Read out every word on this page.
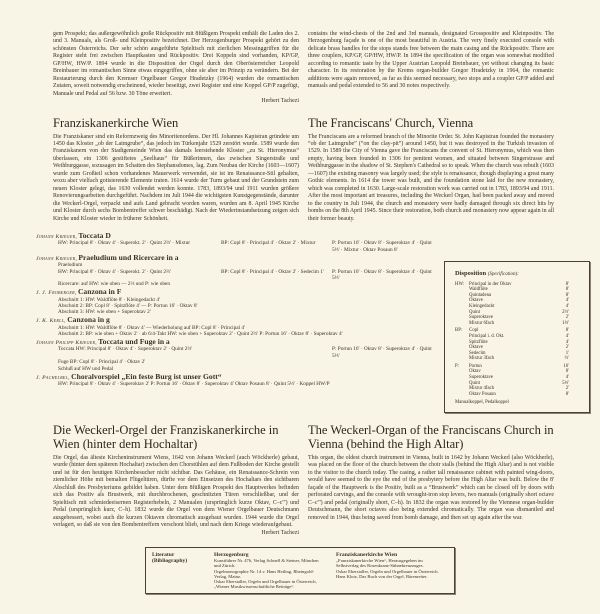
gem Prospekt; das außergewöhnlich große Rückpositiv mit 8füßigem Prospekt enthält die Laden des 2. und 3. Manuals, als Groß- und Kleinpositiv bezeichnet. Der Herzogenburger Prospekt gehört zu den schönsten Österreichs. Der sehr schön ausgeführte Spieltisch mit zierlichen Messinggriffen für die Register steht frei zwischen Hauptkasten und Rückpositiv. Drei Koppeln sind vorhanden, KP/GP, GP/HW, HW/P. 1894 wurde in die Disposition der Orgel durch den Oberösterreicher Leopold Breinbauer im romantischen Sinne etwas eingegriffen, ohne sie aber im Prinzip zu verändern. Bei der Restaurierung durch den Kremser Orgelbauer Gregor Hradetzky (1964) wurden die romantischen Zutaten, soweit notwendig erscheinend, wieder beseitigt, zwei Register und eine Koppel GP/P zugefügt, Manuale und Pedal auf 56 bzw. 30 Töne erweitert.
Herbert Tachezi

contains the wind-chests of the 2nd and 3rd manuals, designated Grosspositiv and Kleinpositiv. The Herzogenburg façade is one of the most beautiful in Austria. The very finely executed console with delicate brass handles for the stops stands free between the main casing and the Rückpositiv. There are three couplers, KP/GP, GP/HW, HW/P. In 1894 the specification of the organ was somewhat modified according to romantic taste by the Upper Austrian Leopold Breinbauer, yet without changing its basic character. In its restoration by the Krems organ-builder Gregor Hradetzky in 1964, the romantic additions were again removed, as far as this seemed necessary, two stops and a coupler GP/P added and manuals and pedal extended to 56 and 30 notes respectively.

Franziskanerkirche Wien

Die Franziskaner sind ein Reformzweig des Minoritenordens. Der Hl. Johannes Kapistran gründete um 1450 das Kloster „ob der Laimgrube“, das jedoch im Türkenjahr 1529 zerstört wurde. 1589 wurde den Franziskanern von der Stadtgemeinde Wien das damals leerstehende Kloster „zu St. Hieronymus“ überlassen, ein 1306 gestiftetes „Seelhaus“ für Büßerinnen, das zwischen Singerstraße und Weihburggasse, sozusagen im Schatten des Stephansdomes, lag. Zum Neubau der Kirche (1603—1607) wurde zum Großteil schon vorhandenes Mauerwerk verwendet, sie ist im Renaissance-Stil gehalten, wozu aber vielfach gotisierende Elemente traten. 1614 wurde der Turm gebaut und der Grundstein zum neuen Kloster gelegt, das 1630 vollendet werden konnte. 1783, 1893/94 und 1911 wurden größere Renovierungsarbeiten durchgeführt. Nachdem im Juli 1944 die wichtigsten Kunstgegenstände, darunter die Weckerl-Orgel, verpackt und aufs Land gebracht worden waren, wurden am 8. April 1945 Kirche und Kloster durch sechs Bombentreffer schwer beschädigt. Nach der Wiederinstandsetzung zeigen sich Kirche und Kloster wieder in früherer Schönheit.

The Franciscans' Church, Vienna

The Franciscans are a reformed branch of the Minorite Order. St. John Kapistran founded the monastery “ob der Laimgrube” (“on the clay-pit”) around 1450, but it was destroyed in the Turkish invasion of 1529. In 1589 the City of Vienna gave the Franciscans the convent of St. Hieronymus, which was then empty, having been founded in 1306 for penitent women, and situated between Singerstrasse and Weihburggasse in the shadow of St. Stephen's Cathedral so to speak. When the church was rebuilt (1603—1607) the existing masonry was largely used; the style is renaissance, though displaying a great many Gothic elements. In 1614 the tower was built, and the foundation stone laid for the new monastery, which was completed in 1630. Large-scale restoration work was carried out in 1783, 1893/94 and 1911. After the most important art treasures, including the Weckerl Organ, had been packed away and moved to the country in Juli 1944, the church and monastery were badly damaged through six direct hits by bombs on the 8th April 1945. Since their restoration, both church and monastery now appear again in all their former beauty.

Johann Krieger, Toccata D
HW: Principal 8' · Oktav 4' · Superokt. 2' · Quint 2⅔' · Mixtur	BP: Copl 8' · Principal 4' · Oktav 2' · Mixtur	P: Portun 16' · Oktav 8' · Superoktav 4' · Quint 5⅓' · Mixtur · Oktav Posaun 8'
Johann Krieger, Praeludium und Ricercare in a
Praeludium
HW: Principal 8' · Oktav 4' · Superokt. 2' · Quint 2⅔'	BP: Copl 8' · Principal 4' · Oktav 2' · Sedecim 1'	P: Portun 16' · Oktav 8' · Superoktav 4' · Quint 5⅓'
Ricercare: auf HW: wie oben — 2⅔ und P: wie oben
J. J. Froberger, Canzona in F
Abschnitt 1: HW: Waldflöte 8' · Kleingedackt 4'
Abschnitt 2: BP: Copl 8' · Spitzflöte 4' — P: Portun 16' · Oktav 8'
Abschnitt 3: HW: wie oben + Superoktav 2'
J. K. Kerll, Canzona in g
Abschnitt 1: HW: Waldflöte 8' · Oktav 4' — Wiederholung auf BP: Copl 8' · Principal 4'
Abschnitt 2: BP: wie oben + Oktav 2' · ab 6/4-Takt HW: wie oben + Superoktav 2' · Quint 2⅔' P: Portun 16' · Oktav 8' · Superoktav 4'
Johann Philipp Krieger, Toccata und Fuge in a
Toccata HW: Principal 8' · Oktav 4' · Superoktav 2' · Quint 2⅔'	P: Portun 16' · Oktav 8' · Superoktav 4' · Quint 5⅓'
Fuge BP: Copl 8' · Principal 4' · Oktav 2'
Schluß auf HW und Pedal
J. Pachelbel, Choralvorspiel „Ein feste Burg ist unser Gott“
HW: Principal 8' · Oktav 4' · Superoktav 2' P: Portun 16' · Oktav 8' · Superoktav 4' Oktav Posaun 8' · Quint 5⅓' · Koppel HW/P
Disposition (Specification):
HW:	Principal in der Oktav	8'
Waldflöte	8'
Quintadena	8'
Oktave	4'
Kleingedackt	4'
Quint	2⅔'
Superoktave	2'
Mixtur 6fach	1⅓'
BP:	Copl	8'
Principal i. d. Okt.	4'
Spitzflöte	4'
Oktave	2'
Sedecim	1'
Mixtur 3fach	⅔'
P:	Portun	16'
Oktav	8'
Superoktave	4'
Quint	5⅓'
Mixtur 4fach	2'
Oktav Posaun	8'
Manualkoppel, Pedalkoppel
Die Weckerl-Orgel der Franziskanerkirche in Wien (hinter dem Hochaltar)

Die Orgel, das älteste Kircheninstrument Wiens, 1642 von Johann Weckerl (auch Wöckherle) gebaut, wurde (hinter dem späteren Hochaltar) zwischen den Chorstühlen auf dem Fußboden der Kirche gestellt und ist für den heutigen Kirchenbesucher nicht sichtbar. Das Gehäuse, ein Renaissance-Schrein von ziemlicher Höhe mit bemalten Flügeltüren, dürfte vor dem Einsetzen des Hochaltars den sichtbaren Abschluß des Presbyteriums gebildet haben. Unter dem 8füßigen Prospekt des Hauptwerkes befinden sich das Positiv als Brustwerk, mit durchbrochenen, geschnitzten Türen verschließbar, und der Spieltisch mit schmiedeeisernen Registerhebeln, 2 Manualen (ursprünglich kurze Oktav, C–c''') und Pedal (ursprünglich kurz, C–h). 1832 wurde die Orgel von dem Wiener Orgelbauer Deutschmann ausgebessert, wobei auch die kurzen Oktaven chromatisch ausgebaut wurden. 1944 wurde die Orgel verlagert, so daß sie von den Bombentreffern verschont blieb, und nach dem Kriege wiederaufgebaut.
Herbert Tachezi

The Weckerl-Organ of the Franciscans Church in Vienna (behind the High Altar)

This organ, the oldest church instrument in Vienna, built in 1642 by Johann Weckerl (also Wöckherle), was placed on the floor of the church between the choir stalls (behind the High Altar) and is not visible to the visitor to the church today. The casing, a rather tall renaissance cabinet with painted wing-doors, would have seemed to the eye the end of the presbytery before the High Altar was built. Below the 8' façade of the Hauptwerk is the Positiv, built as a “Brustwerk” which can be closed off by doors with perforated carvings, and the console with wrought-iron stop levers, two manuals (originally short octave C–c''') and pedal (originally short, C–h). In 1832 the organ was restored by the Viennese organ-builder Deutschmann, the short octaves also being extended chromatically. The organ was dismantled and removed in 1944, thus being saved from bomb damage, and then set up again after the war.

Literatur
(Bibliography)
Herzogenburg
Kunstführer Nr. 476, Verlag Schnell & Steiner, München und Zürich.
Orgelmonographie Nr. 14 v. Hans Heiling, Rheingold-Verlag, Mainz.
Oskar Eberstaller, Orgeln und Orgelbauer in Österreich, „Wiener Musikwissenschaftliche Beiträge“.
Franziskanerkirche Wien
„Franziskanerkirche Wien“, Herausgegeben im Selbstverlag des Rosenkranz-Sühnekreuzzuges.
Oskar Eberstaller, Orgeln und Orgelbauer in Österreich.
Hans Klotz, Das Buch von der Orgel, Bärenreiter.
